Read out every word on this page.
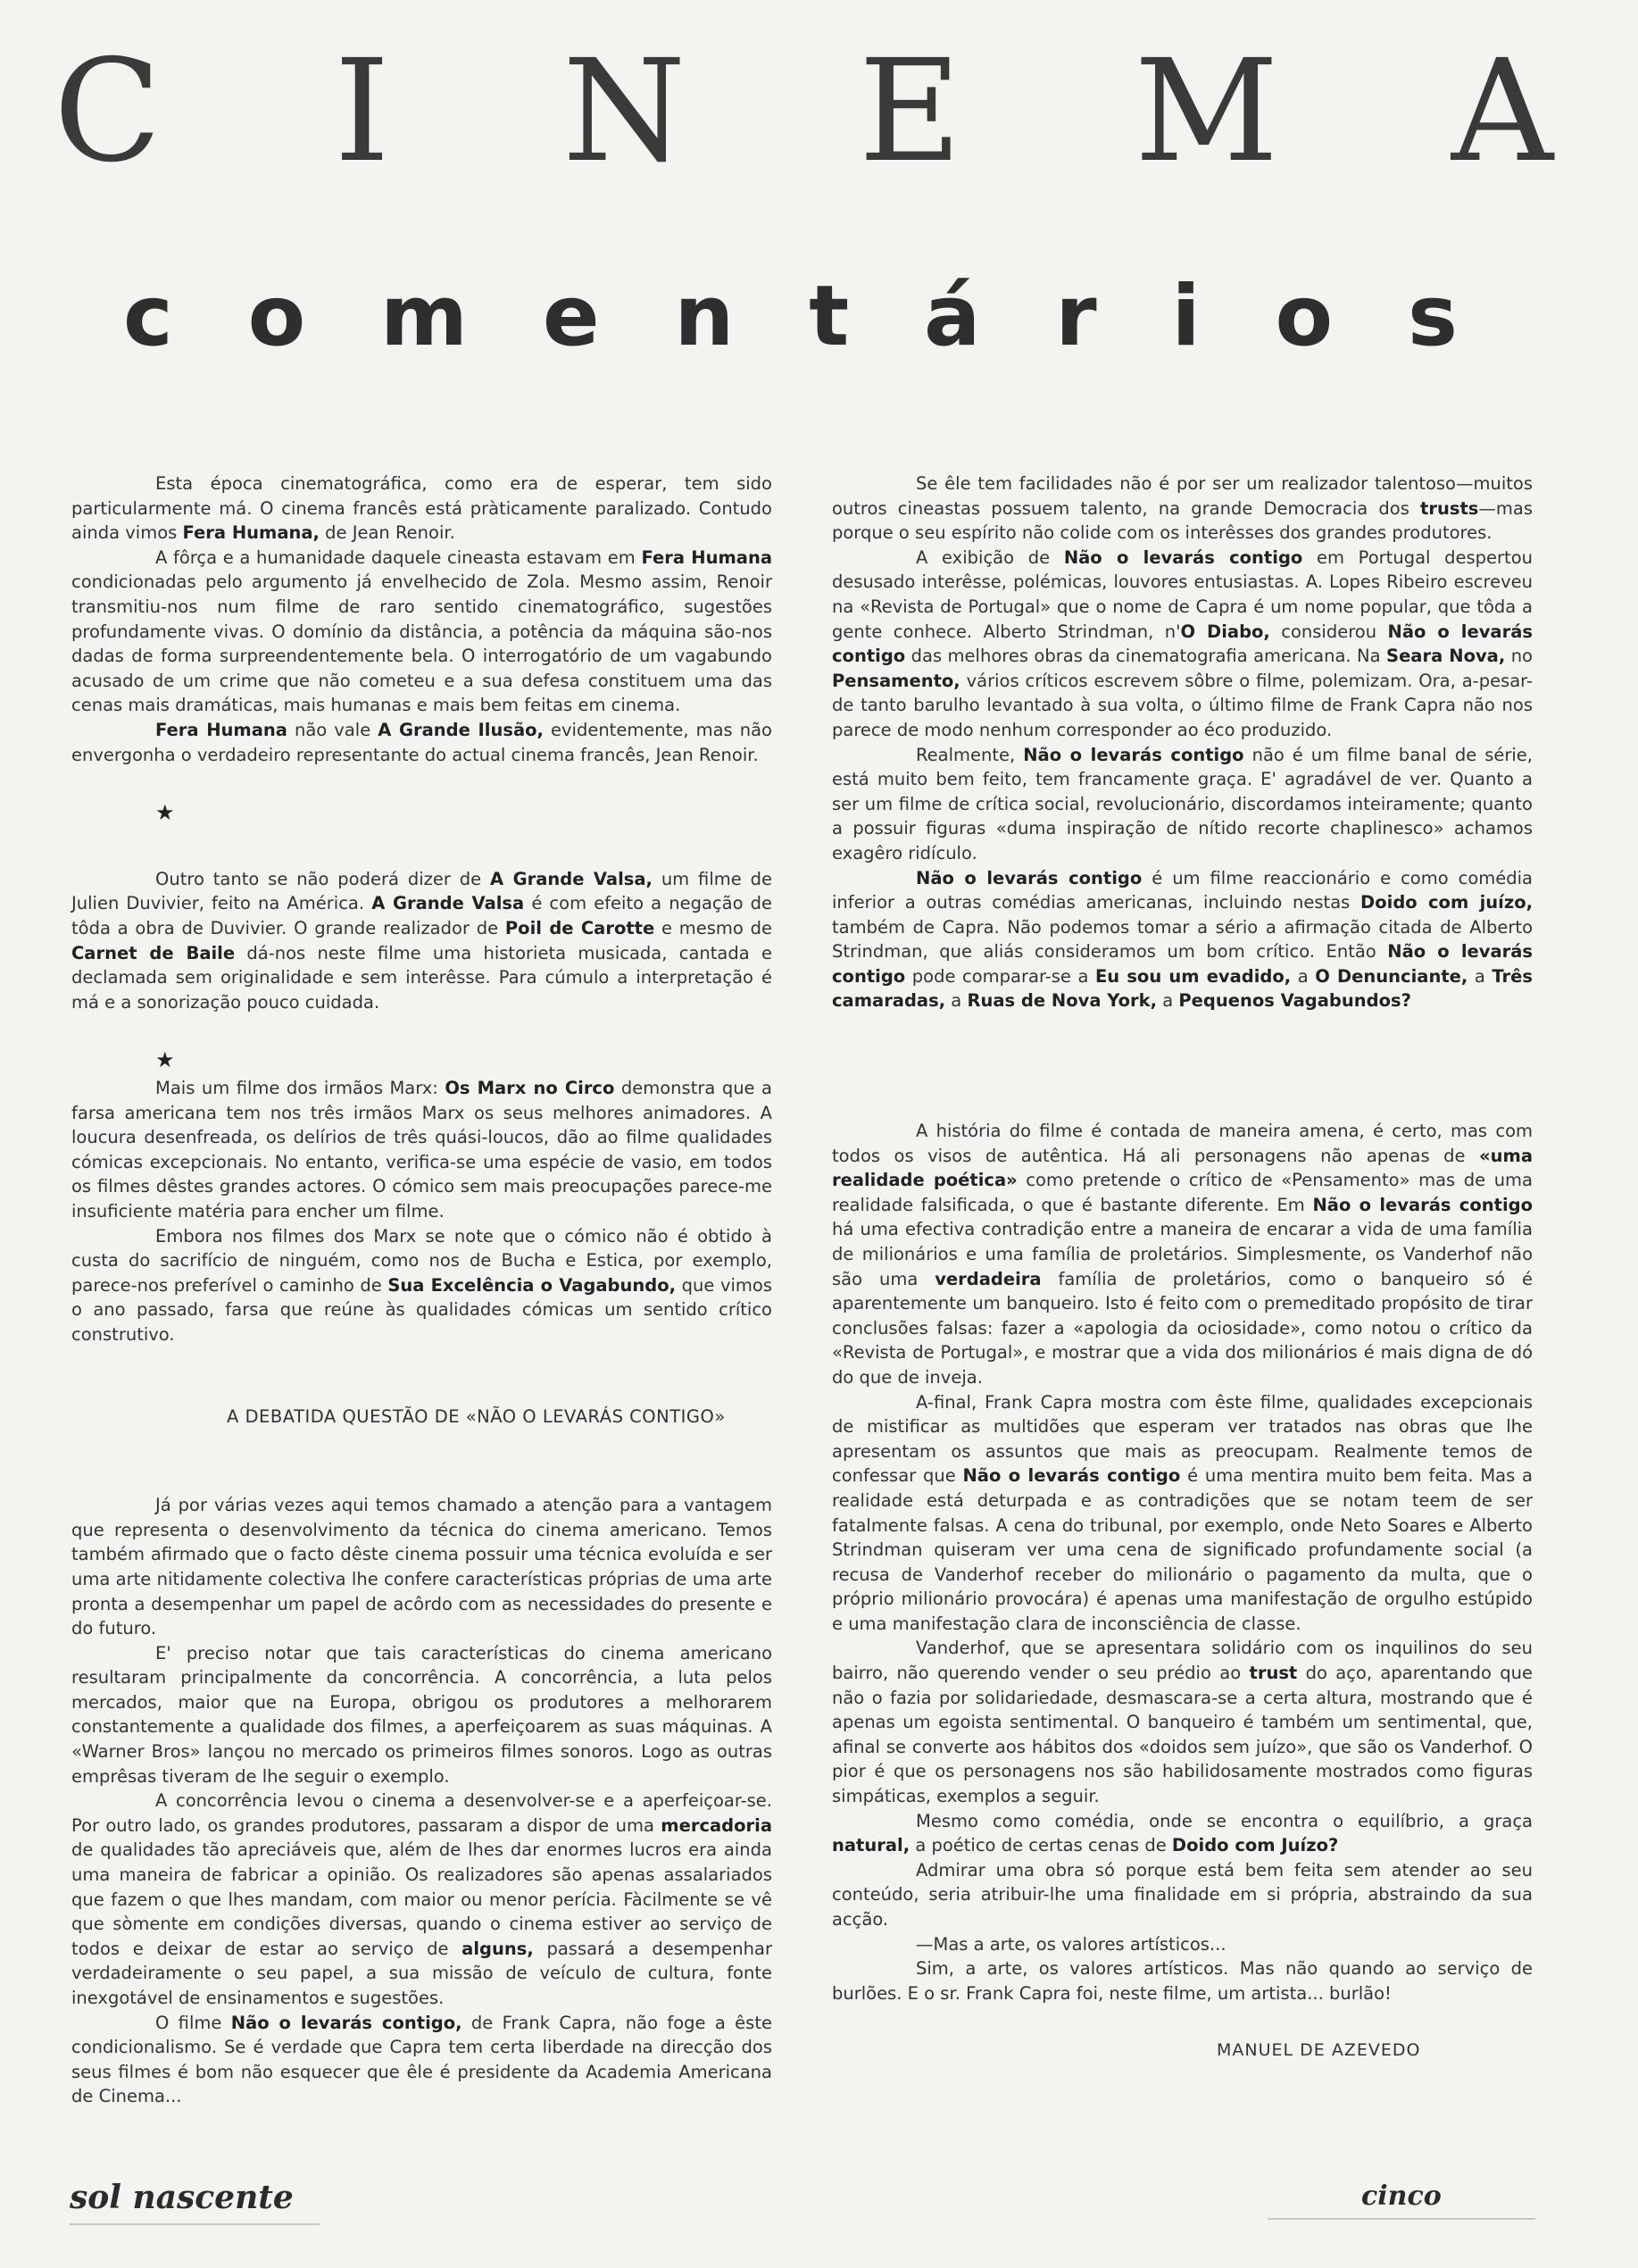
C I N E M A
c o m e n t á r i o s

Esta época cinematográfica, como era de esperar, tem sido particularmente má. O cinema francês está pràticamente paralizado. Contudo ainda vimos Fera Humana, de Jean Renoir.

A fôrça e a humanidade daquele cineasta estavam em Fera Humana condicionadas pelo argumento já envelhecido de Zola. Mesmo assim, Renoir transmitiu-nos num filme de raro sentido cinematográfico, sugestões profundamente vivas. O domínio da distância, a potência da máquina são-nos dadas de forma surpreendentemente bela. O interrogatório de um vagabundo acusado de um crime que não cometeu e a sua defesa constituem uma das cenas mais dramáticas, mais humanas e mais bem feitas em cinema.

Fera Humana não vale A Grande Ilusão, evidentemente, mas não envergonha o verdadeiro representante do actual cinema francês, Jean Renoir.

★

Outro tanto se não poderá dizer de A Grande Valsa, um filme de Julien Duvivier, feito na América. A Grande Valsa é com efeito a negação de tôda a obra de Duvivier. O grande realizador de Poil de Carotte e mesmo de Carnet de Baile dá-nos neste filme uma historieta musicada, cantada e declamada sem originalidade e sem interêsse. Para cúmulo a interpretação é má e a sonorização pouco cuidada.

★

Se êle tem facilidades não é por ser um realizador talentoso—muitos outros cineastas possuem talento, na grande Democracia dos trusts—mas porque o seu espírito não colide com os interêsses dos grandes produtores.

A exibição de Não o levarás contigo em Portugal despertou desusado interêsse, polémicas, louvores entusiastas. A. Lopes Ribeiro escreveu na «Revista de Portugal» que o nome de Capra é um nome popular, que tôda a gente conhece. Alberto Strindman, n'O Diabo, considerou Não o levarás contigo das melhores obras da cinematografia americana. Na Seara Nova, no Pensamento, vários críticos escrevem sôbre o filme, polemizam. Ora, a-pesar-de tanto barulho levantado à sua volta, o último filme de Frank Capra não nos parece de modo nenhum corresponder ao éco produzido.

Realmente, Não o levarás contigo não é um filme banal de série, está muito bem feito, tem francamente graça. E' agradável de ver. Quanto a ser um filme de crítica social, revolucionário, discordamos inteiramente; quanto a possuir figuras «duma inspiração de nítido recorte chaplinesco» achamos exagêro ridículo.

Não o levarás contigo é um filme reaccionário e como comédia inferior a outras comédias americanas, incluindo nestas Doido com juízo, também de Capra. Não podemos tomar a sério a afirmação citada de Alberto Strindman, que aliás consideramos um bom crítico. Então Não o levarás contigo pode comparar-se a Eu sou um evadido, a O Denunciante, a Três camaradas, a Ruas de Nova York, a Pequenos Vagabundos?

Mais um filme dos irmãos Marx: Os Marx no Circo demonstra que a farsa americana tem nos três irmãos Marx os seus melhores animadores. A loucura desenfreada, os delírios de três quási-loucos, dão ao filme qualidades cómicas excepcionais. No entanto, verifica-se uma espécie de vasio, em todos os filmes dêstes grandes actores. O cómico sem mais preocupações parece-me insuficiente matéria para encher um filme.

Embora nos filmes dos Marx se note que o cómico não é obtido à custa do sacrifício de ninguém, como nos de Bucha e Estica, por exemplo, parece-nos preferível o caminho de Sua Excelência o Vagabundo, que vimos o ano passado, farsa que reúne às qualidades cómicas um sentido crítico construtivo.

A DEBATIDA QUESTÃO DE «NÃO O LEVARÁS CONTIGO»

Já por várias vezes aqui temos chamado a atenção para a vantagem que representa o desenvolvimento da técnica do cinema americano. Temos também afirmado que o facto dêste cinema possuir uma técnica evoluída e ser uma arte nitidamente colectiva lhe confere características próprias de uma arte pronta a desempenhar um papel de acôrdo com as necessidades do presente e do futuro.

E' preciso notar que tais características do cinema americano resultaram principalmente da concorrência. A concorrência, a luta pelos mercados, maior que na Europa, obrigou os produtores a melhorarem constantemente a qualidade dos filmes, a aperfeiçoarem as suas máquinas. A «Warner Bros» lançou no mercado os primeiros filmes sonoros. Logo as outras emprêsas tiveram de lhe seguir o exemplo.

A concorrência levou o cinema a desenvolver-se e a aperfeiçoar-se. Por outro lado, os grandes produtores, passaram a dispor de uma mercadoria de qualidades tão apreciáveis que, além de lhes dar enormes lucros era ainda uma maneira de fabricar a opinião. Os realizadores são apenas assalariados que fazem o que lhes mandam, com maior ou menor perícia. Fàcilmente se vê que sòmente em condições diversas, quando o cinema estiver ao serviço de todos e deixar de estar ao serviço de alguns, passará a desempenhar verdadeiramente o seu papel, a sua missão de veículo de cultura, fonte inexgotável de ensinamentos e sugestões.

O filme Não o levarás contigo, de Frank Capra, não foge a êste condicionalismo. Se é verdade que Capra tem certa liberdade na direcção dos seus filmes é bom não esquecer que êle é presidente da Academia Americana de Cinema...

A história do filme é contada de maneira amena, é certo, mas com todos os visos de autêntica. Há ali personagens não apenas de «uma realidade poética» como pretende o crítico de «Pensamento» mas de uma realidade falsificada, o que é bastante diferente. Em Não o levarás contigo há uma efectiva contradição entre a maneira de encarar a vida de uma família de milionários e uma família de proletários. Simplesmente, os Vanderhof não são uma verdadeira família de proletários, como o banqueiro só é aparentemente um banqueiro. Isto é feito com o premeditado propósito de tirar conclusões falsas: fazer a «apologia da ociosidade», como notou o crítico da «Revista de Portugal», e mostrar que a vida dos milionários é mais digna de dó do que de inveja.

A-final, Frank Capra mostra com êste filme, qualidades excepcionais de mistificar as multidões que esperam ver tratados nas obras que lhe apresentam os assuntos que mais as preocupam. Realmente temos de confessar que Não o levarás contigo é uma mentira muito bem feita. Mas a realidade está deturpada e as contradições que se notam teem de ser fatalmente falsas. A cena do tribunal, por exemplo, onde Neto Soares e Alberto Strindman quiseram ver uma cena de significado profundamente social (a recusa de Vanderhof receber do milionário o pagamento da multa, que o próprio milionário provocára) é apenas uma manifestação de orgulho estúpido e uma manifestação clara de inconsciência de classe.

Vanderhof, que se apresentara solidário com os inquilinos do seu bairro, não querendo vender o seu prédio ao trust do aço, aparentando que não o fazia por solidariedade, desmascara-se a certa altura, mostrando que é apenas um egoista sentimental. O banqueiro é também um sentimental, que, afinal se converte aos hábitos dos «doidos sem juízo», que são os Vanderhof. O pior é que os personagens nos são habilidosamente mostrados como figuras simpáticas, exemplos a seguir.

Mesmo como comédia, onde se encontra o equilíbrio, a graça natural, a poético de certas cenas de Doido com Juízo?

Admirar uma obra só porque está bem feita sem atender ao seu conteúdo, seria atribuir-lhe uma finalidade em si própria, abstraindo da sua acção.

—Mas a arte, os valores artísticos...

Sim, a arte, os valores artísticos. Mas não quando ao serviço de burlões. E o sr. Frank Capra foi, neste filme, um artista... burlão!

MANUEL DE AZEVEDO
sol nascente	cinco
